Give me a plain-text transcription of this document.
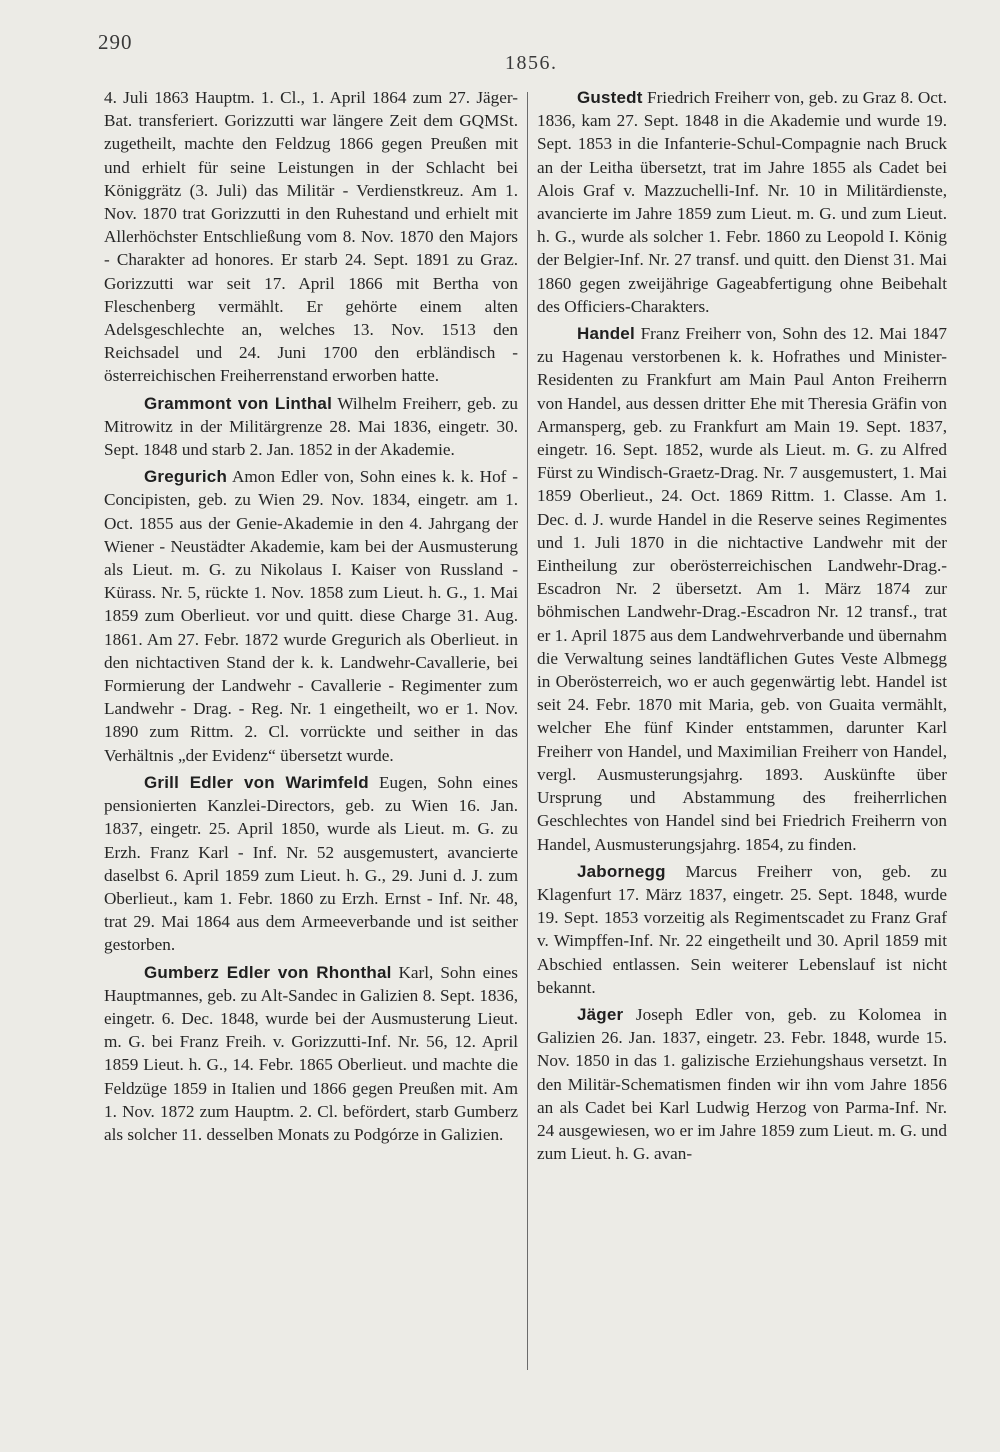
290
1856.

4. Juli 1863 Hauptm. 1. Cl., 1. April 1864 zum 27. Jäger-Bat. transferiert. Gorizzutti war längere Zeit dem GQMSt. zugetheilt, machte den Feldzug 1866 gegen Preußen mit und erhielt für seine Leistungen in der Schlacht bei Königgrätz (3. Juli) das Militär - Verdienstkreuz. Am 1. Nov. 1870 trat Gorizzutti in den Ruhestand und erhielt mit Allerhöchster Entschließung vom 8. Nov. 1870 den Majors - Charakter ad honores. Er starb 24. Sept. 1891 zu Graz. Gorizzutti war seit 17. April 1866 mit Bertha von Fleschenberg vermählt. Er gehörte einem alten Adelsgeschlechte an, welches 13. Nov. 1513 den Reichsadel und 24. Juni 1700 den erbländisch - österreichischen Freiherrenstand erworben hatte.

Grammont von Linthal Wilhelm Freiherr, geb. zu Mitrowitz in der Militärgrenze 28. Mai 1836, eingetr. 30. Sept. 1848 und starb 2. Jan. 1852 in der Akademie.

Gregurich Amon Edler von, Sohn eines k. k. Hof - Concipisten, geb. zu Wien 29. Nov. 1834, eingetr. am 1. Oct. 1855 aus der Genie-Akademie in den 4. Jahrgang der Wiener - Neustädter Akademie, kam bei der Ausmusterung als Lieut. m. G. zu Nikolaus I. Kaiser von Russland - Kürass. Nr. 5, rückte 1. Nov. 1858 zum Lieut. h. G., 1. Mai 1859 zum Oberlieut. vor und quitt. diese Charge 31. Aug. 1861. Am 27. Febr. 1872 wurde Gregurich als Oberlieut. in den nichtactiven Stand der k. k. Landwehr-Cavallerie, bei Formierung der Landwehr - Cavallerie - Regimenter zum Landwehr - Drag. - Reg. Nr. 1 eingetheilt, wo er 1. Nov. 1890 zum Rittm. 2. Cl. vorrückte und seither in das Verhältnis „der Evidenz“ übersetzt wurde.

Grill Edler von Warimfeld Eugen, Sohn eines pensionierten Kanzlei-Directors, geb. zu Wien 16. Jan. 1837, eingetr. 25. April 1850, wurde als Lieut. m. G. zu Erzh. Franz Karl - Inf. Nr. 52 ausgemustert, avancierte daselbst 6. April 1859 zum Lieut. h. G., 29. Juni d. J. zum Oberlieut., kam 1. Febr. 1860 zu Erzh. Ernst - Inf. Nr. 48, trat 29. Mai 1864 aus dem Armeeverbande und ist seither gestorben.

Gumberz Edler von Rhonthal Karl, Sohn eines Hauptmannes, geb. zu Alt-Sandec in Galizien 8. Sept. 1836, eingetr. 6. Dec. 1848, wurde bei der Ausmusterung Lieut. m. G. bei Franz Freih. v. Gorizzutti-Inf. Nr. 56, 12. April 1859 Lieut. h. G., 14. Febr. 1865 Oberlieut. und machte die Feldzüge 1859 in Italien und 1866 gegen Preußen mit. Am 1. Nov. 1872 zum Hauptm. 2. Cl. befördert, starb Gumberz als solcher 11. desselben Monats zu Podgórze in Galizien.

Gustedt Friedrich Freiherr von, geb. zu Graz 8. Oct. 1836, kam 27. Sept. 1848 in die Akademie und wurde 19. Sept. 1853 in die Infanterie-Schul-Compagnie nach Bruck an der Leitha übersetzt, trat im Jahre 1855 als Cadet bei Alois Graf v. Mazzuchelli-Inf. Nr. 10 in Militärdienste, avancierte im Jahre 1859 zum Lieut. m. G. und zum Lieut. h. G., wurde als solcher 1. Febr. 1860 zu Leopold I. König der Belgier-Inf. Nr. 27 transf. und quitt. den Dienst 31. Mai 1860 gegen zweijährige Gageabfertigung ohne Beibehalt des Officiers-Charakters.

Handel Franz Freiherr von, Sohn des 12. Mai 1847 zu Hagenau verstorbenen k. k. Hofrathes und Minister-Residenten zu Frankfurt am Main Paul Anton Freiherrn von Handel, aus dessen dritter Ehe mit Theresia Gräfin von Armansperg, geb. zu Frankfurt am Main 19. Sept. 1837, eingetr. 16. Sept. 1852, wurde als Lieut. m. G. zu Alfred Fürst zu Windisch-Graetz-Drag. Nr. 7 ausgemustert, 1. Mai 1859 Oberlieut., 24. Oct. 1869 Rittm. 1. Classe. Am 1. Dec. d. J. wurde Handel in die Reserve seines Regimentes und 1. Juli 1870 in die nichtactive Landwehr mit der Eintheilung zur oberösterreichischen Landwehr-Drag.-Escadron Nr. 2 übersetzt. Am 1. März 1874 zur böhmischen Landwehr-Drag.-Escadron Nr. 12 transf., trat er 1. April 1875 aus dem Landwehrverbande und übernahm die Verwaltung seines landtäflichen Gutes Veste Albmegg in Oberösterreich, wo er auch gegenwärtig lebt. Handel ist seit 24. Febr. 1870 mit Maria, geb. von Guaita vermählt, welcher Ehe fünf Kinder entstammen, darunter Karl Freiherr von Handel, und Maximilian Freiherr von Handel, vergl. Ausmusterungsjahrg. 1893. Auskünfte über Ursprung und Abstammung des freiherrlichen Geschlechtes von Handel sind bei Friedrich Freiherrn von Handel, Ausmusterungsjahrg. 1854, zu finden.

Jabornegg Marcus Freiherr von, geb. zu Klagenfurt 17. März 1837, eingetr. 25. Sept. 1848, wurde 19. Sept. 1853 vorzeitig als Regimentscadet zu Franz Graf v. Wimpffen-Inf. Nr. 22 eingetheilt und 30. April 1859 mit Abschied entlassen. Sein weiterer Lebenslauf ist nicht bekannt.

Jäger Joseph Edler von, geb. zu Kolomea in Galizien 26. Jan. 1837, eingetr. 23. Febr. 1848, wurde 15. Nov. 1850 in das 1. galizische Erziehungshaus versetzt. In den Militär-Schematismen finden wir ihn vom Jahre 1856 an als Cadet bei Karl Ludwig Herzog von Parma-Inf. Nr. 24 ausgewiesen, wo er im Jahre 1859 zum Lieut. m. G. und zum Lieut. h. G. avan-
